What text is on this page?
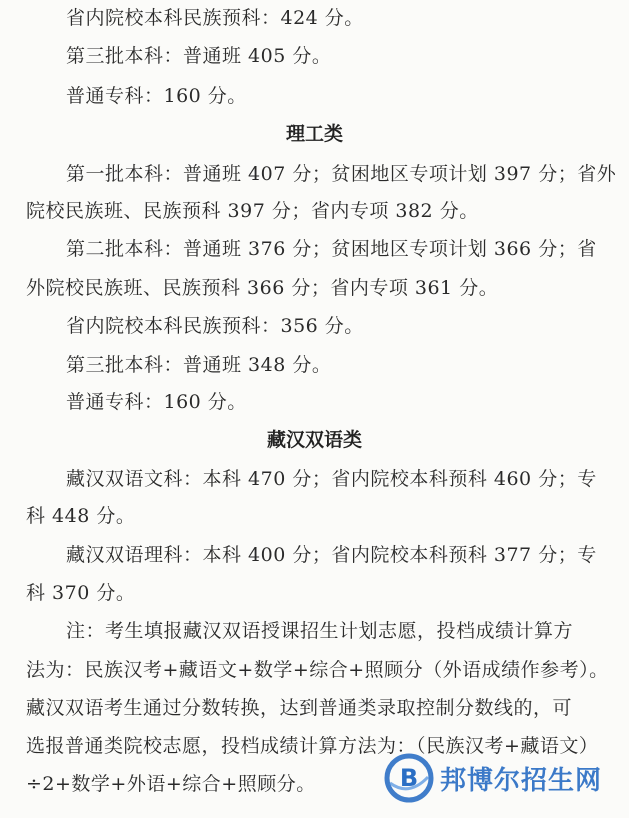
省内院校本科民族预科：424 分。
第三批本科：普通班 405 分。
普通专科：160 分。
理工类
第一批本科：普通班 407 分；贫困地区专项计划 397 分；省外
院校民族班、民族预科 397 分；省内专项 382 分。
第二批本科：普通班 376 分；贫困地区专项计划 366 分；省
外院校民族班、民族预科 366 分；省内专项 361 分。
省内院校本科民族预科：356 分。
第三批本科：普通班 348 分。
普通专科：160 分。
藏汉双语类
藏汉双语文科：本科 470 分；省内院校本科预科 460 分；专
科 448 分。
藏汉双语理科：本科 400 分；省内院校本科预科 377 分；专
科 370 分。
注：考生填报藏汉双语授课招生计划志愿，投档成绩计算方
法为：民族汉考+藏语文+数学+综合+照顾分（外语成绩作参考）。
藏汉双语考生通过分数转换，达到普通类录取控制分数线的，可
选报普通类院校志愿，投档成绩计算方法为：（民族汉考+藏语文）
÷2+数学+外语+综合+照顾分。	B 邦博尔招生网
